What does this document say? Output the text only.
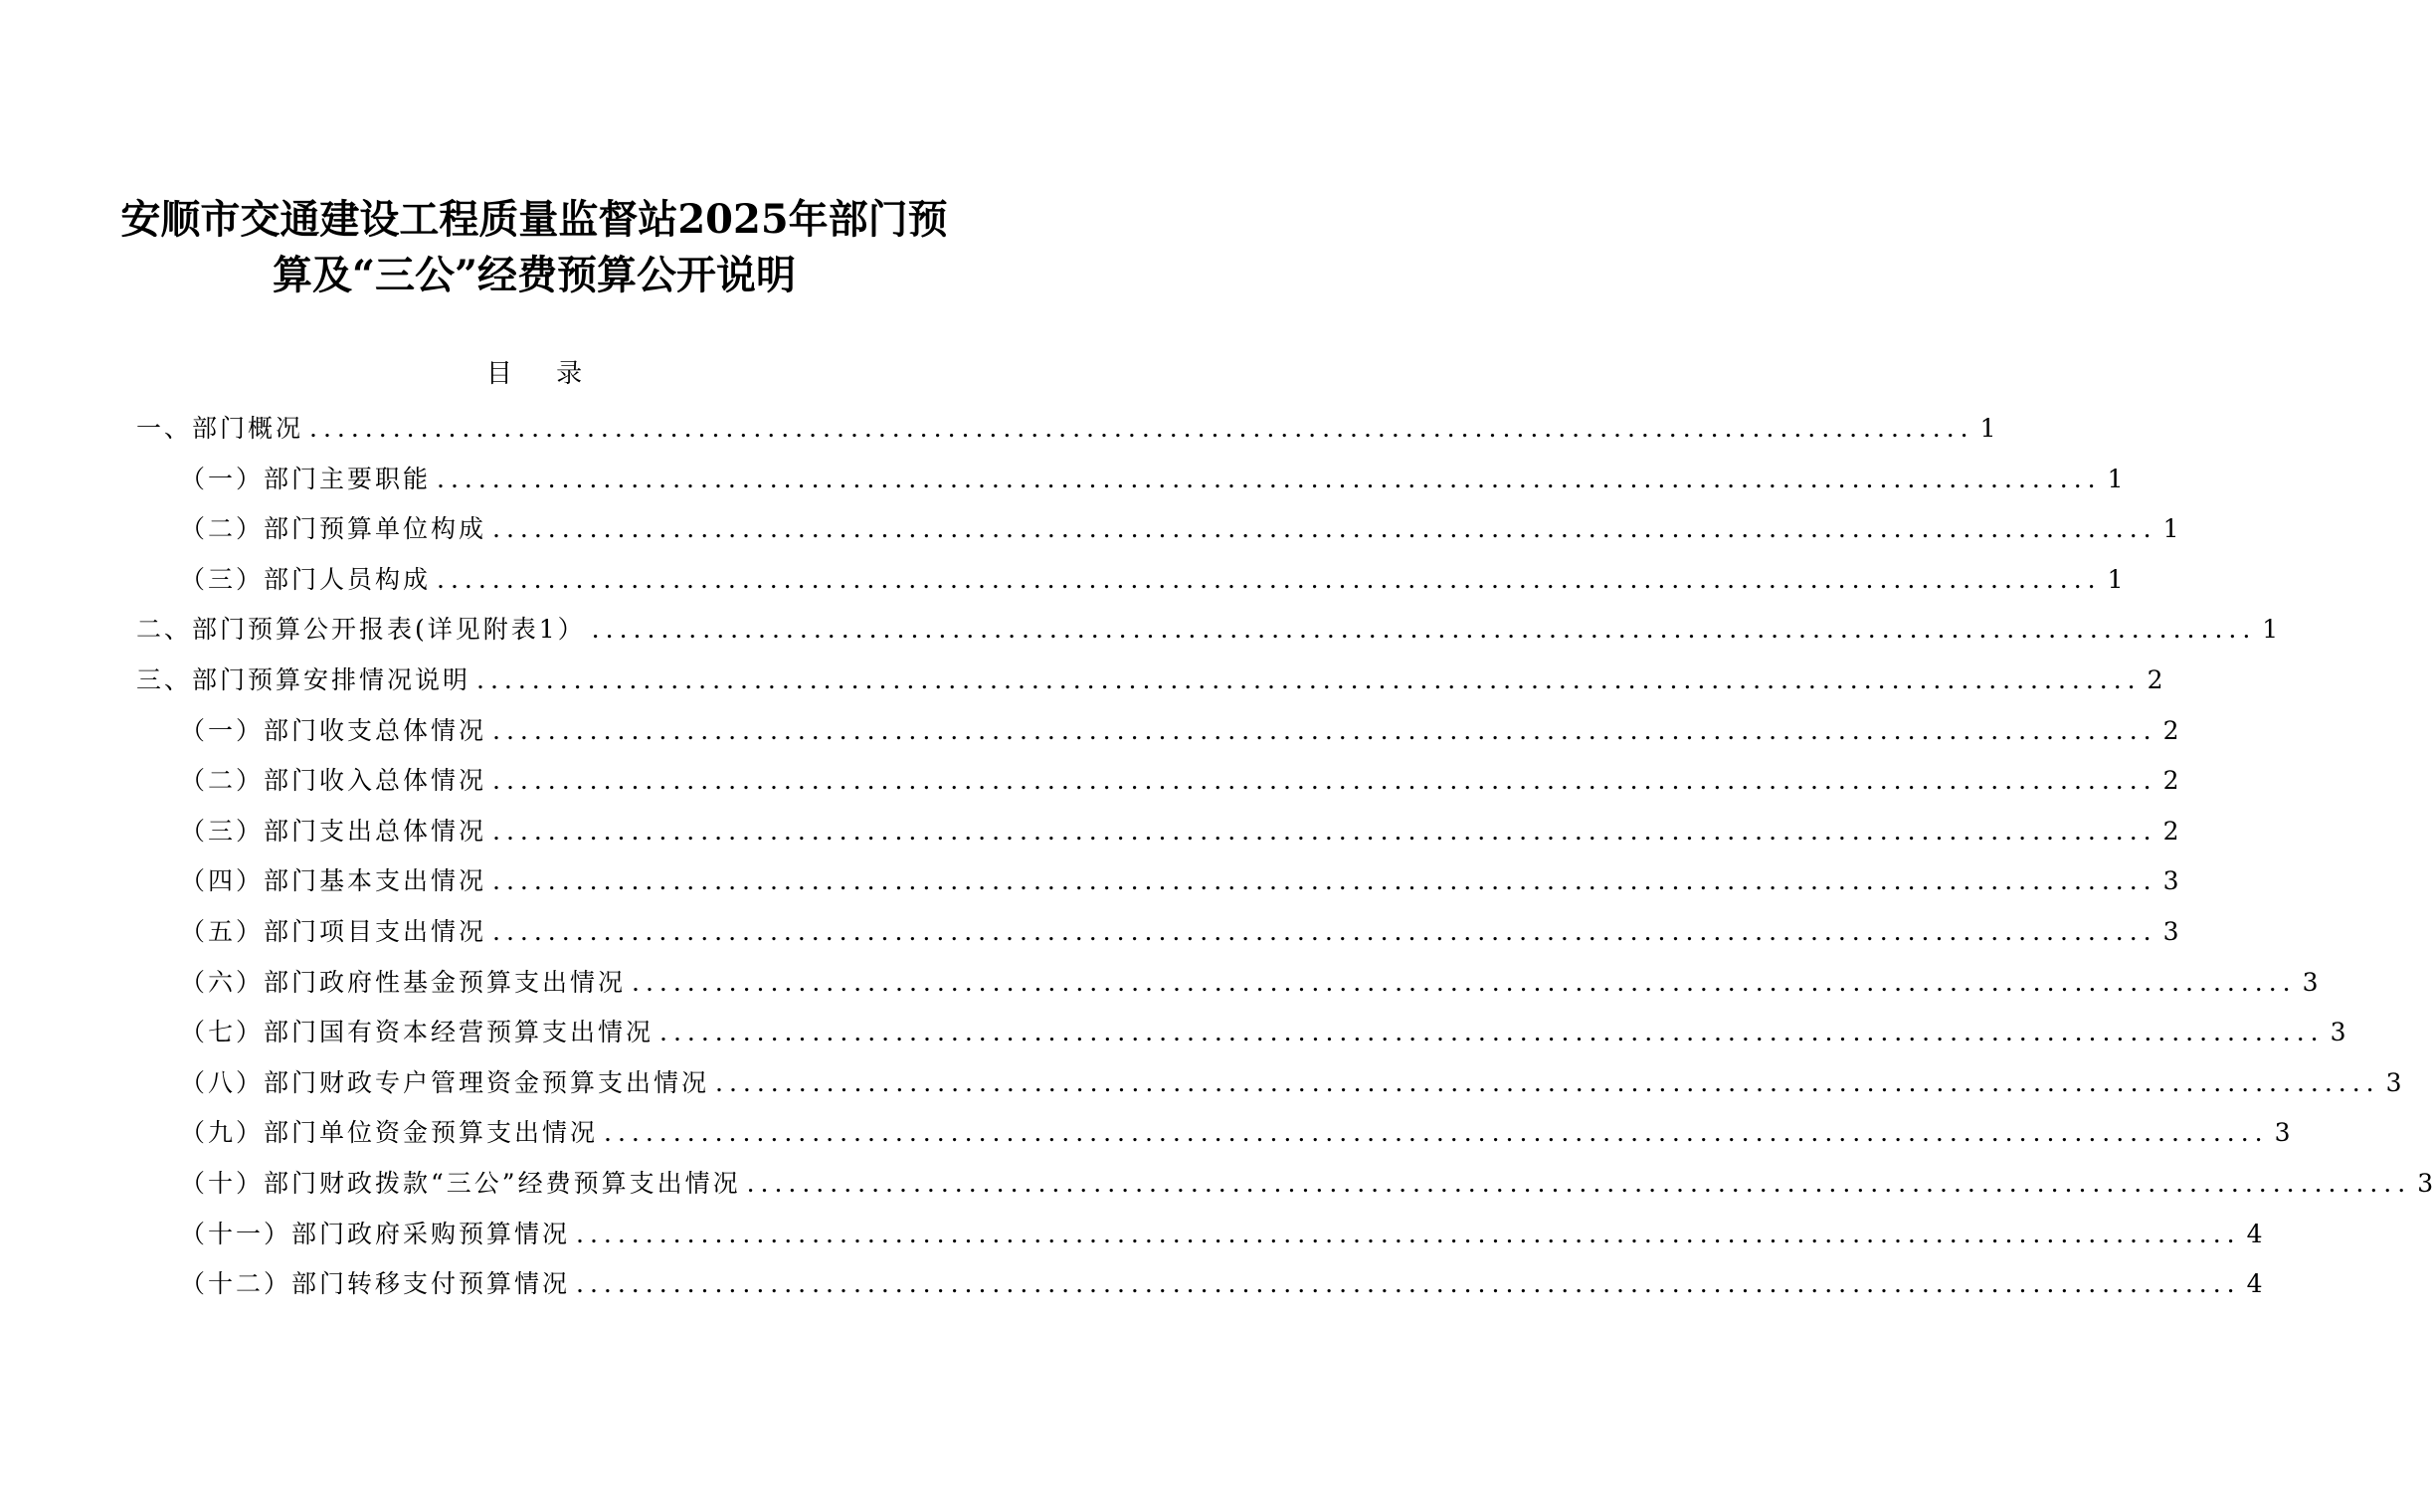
安顺市交通建设工程质量监督站2025年部门预
算及“三公”经费预算公开说明
目 录
一、部门概况 ........................................................................................................................ 1
（一）部门主要职能 ........................................................................................................................ 1
（二）部门预算单位构成 ........................................................................................................................ 1
（三）部门人员构成 ........................................................................................................................ 1
二、部门预算公开报表(详见附表1） ........................................................................................................................ 1
三、部门预算安排情况说明 ........................................................................................................................ 2
（一）部门收支总体情况 ........................................................................................................................ 2
（二）部门收入总体情况 ........................................................................................................................ 2
（三）部门支出总体情况 ........................................................................................................................ 2
（四）部门基本支出情况 ........................................................................................................................ 3
（五）部门项目支出情况 ........................................................................................................................ 3
（六）部门政府性基金预算支出情况 ........................................................................................................................ 3
（七）部门国有资本经营预算支出情况 ........................................................................................................................ 3
（八）部门财政专户管理资金预算支出情况 ........................................................................................................................ 3
（九）部门单位资金预算支出情况 ........................................................................................................................ 3
（十）部门财政拨款“三公”经费预算支出情况 ........................................................................................................................ 3
（十一）部门政府采购预算情况 ........................................................................................................................ 4
（十二）部门转移支付预算情况 ........................................................................................................................ 4
